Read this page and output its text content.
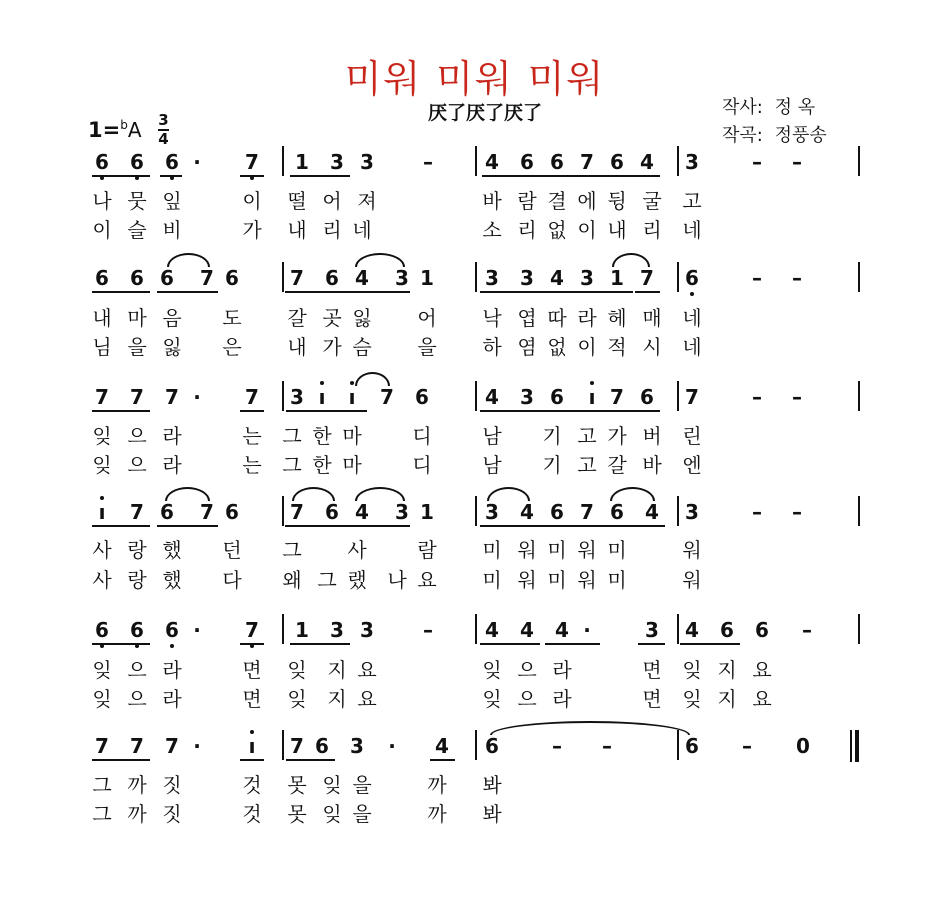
미워 미워 미워
厌了厌了厌了	작사: 정 옥
작곡: 정풍송
1=$^b$A 3
4
6 6 6 ·	7 1 3 3 –	4 6 6 7 6 4 3	– –
나 뭇 잎	이 떨 어 져	바 람 결 에 뒹 굴 고
이 슬 비	가 내 리 네	소 리 없 이 내 리 네
6 6 6 7 6	7 6 4 3 1	3 3 4 3 1 7 6	– –
내 마 음 도 갈 곳 잃 어 낙 엽 따 라 헤 매 네
님 을 잃 은 내 가 슴 을 하 염 없 이 적 시 네
7 7 7 ·	7 3 ı	ı	7 6	4 3 6	ı 7 6 7	– –
잊 으 라	는 그 한 마	디	남 기 고 가 버 린
잊 으 라	는 그 한 마	디	남 기 고 갈 바 엔
ı	7 6 7 6	7 6 4 3 1	3 4 6 7 6 4 3	– –
사 랑 했 던 그 사	람 미 워 미 워 미	워
사 랑 했 다 왜 그 랬 나 요 미 워 미 워 미	워
6 6 6 ·	7 1 3 3 –	4 4 4 ·	3 4 6 6 –
잊 으 라	면 잊 지 요	잊 으 라	면 잊 지 요
잊 으 라	면 잊 지 요	잊 으 라	면 잊 지 요
7 7 7 ·	ı	7 6 3	·	4 6	– –	6 – 0
그 까 짓	것 못 잊 을	까 봐
그 까 짓	것 못 잊 을	까 봐
